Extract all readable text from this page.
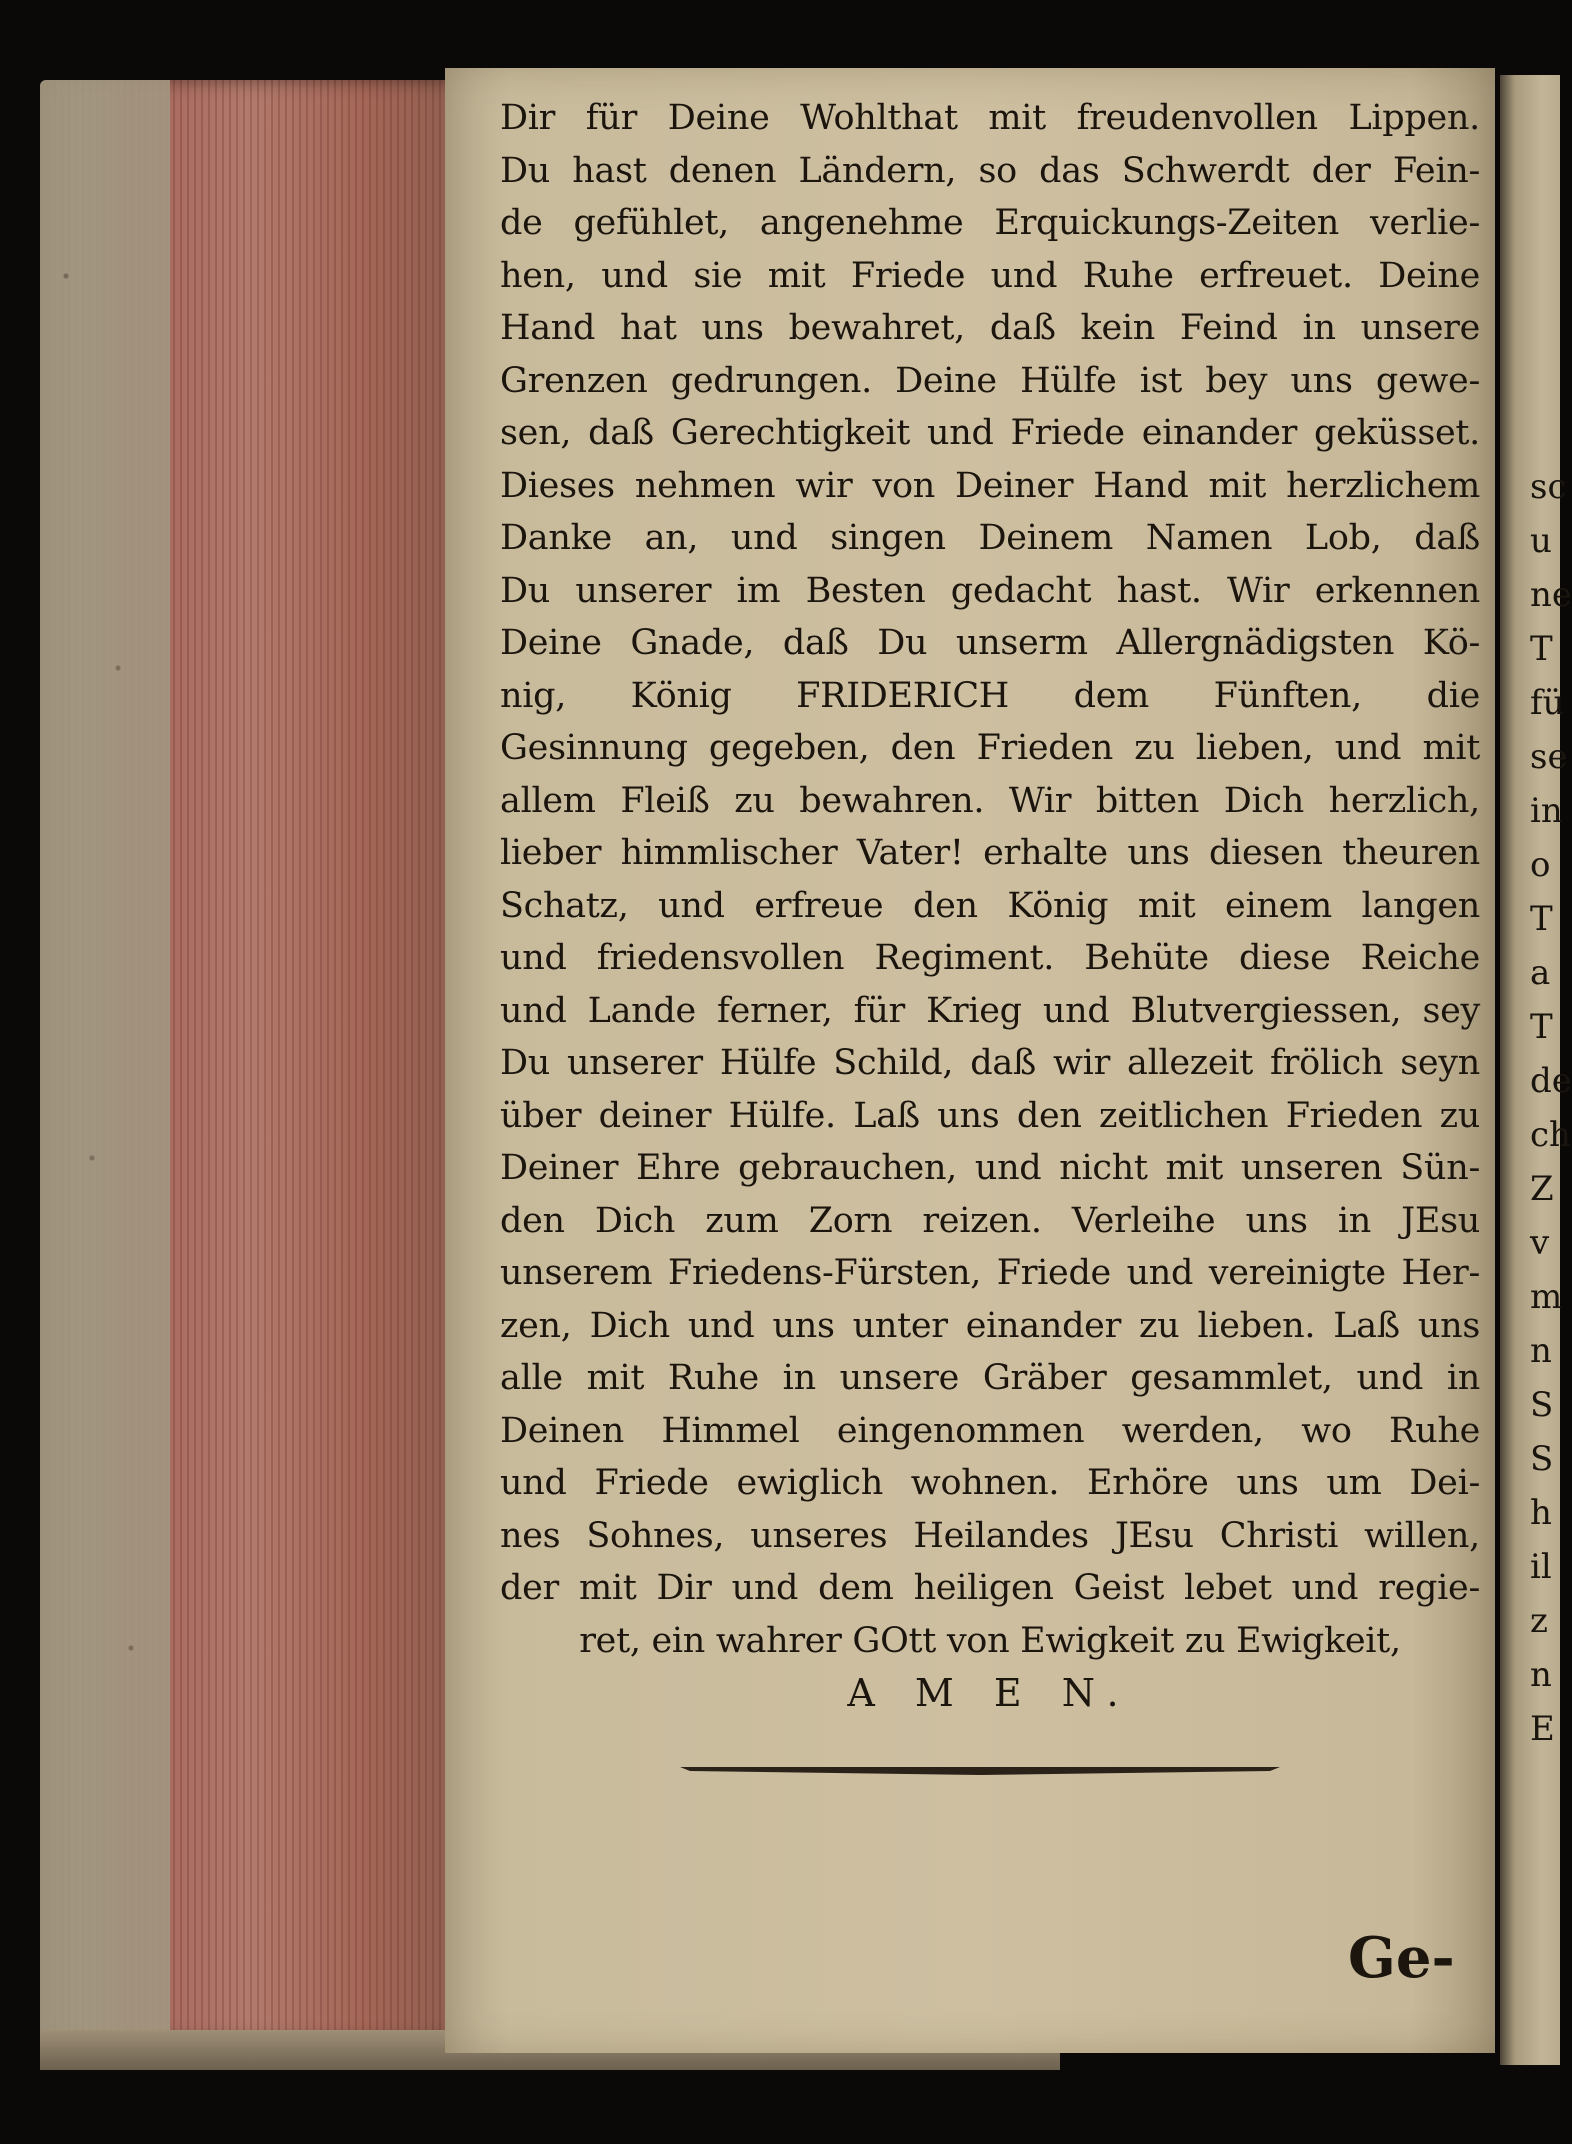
sc
u
ne
T
fü
se
in
o
T
a
T
de
ch
Z
v
m
n
S
S
h
il
z
n
E
Dir für Deine Wohlthat mit freudenvollen Lippen.
Du hast denen Ländern, so das Schwerdt der Fein-
de gefühlet, angenehme Erquickungs-Zeiten verlie-
hen, und sie mit Friede und Ruhe erfreuet. Deine
Hand hat uns bewahret, daß kein Feind in unsere
Grenzen gedrungen. Deine Hülfe ist bey uns gewe-
sen, daß Gerechtigkeit und Friede einander geküsset.
Dieses nehmen wir von Deiner Hand mit herzlichem
Danke an, und singen Deinem Namen Lob, daß
Du unserer im Besten gedacht hast. Wir erkennen
Deine Gnade, daß Du unserm Allergnädigsten Kö-
nig, König FRIDERICH dem Fünften, die
Gesinnung gegeben, den Frieden zu lieben, und mit
allem Fleiß zu bewahren. Wir bitten Dich herzlich,
lieber himmlischer Vater! erhalte uns diesen theuren
Schatz, und erfreue den König mit einem langen
und friedensvollen Regiment. Behüte diese Reiche
und Lande ferner, für Krieg und Blutvergiessen, sey
Du unserer Hülfe Schild, daß wir allezeit frölich seyn
über deiner Hülfe. Laß uns den zeitlichen Frieden zu
Deiner Ehre gebrauchen, und nicht mit unseren Sün-
den Dich zum Zorn reizen. Verleihe uns in JEsu
unserem Friedens-Fürsten, Friede und vereinigte Her-
zen, Dich und uns unter einander zu lieben. Laß uns
alle mit Ruhe in unsere Gräber gesammlet, und in
Deinen Himmel eingenommen werden, wo Ruhe
und Friede ewiglich wohnen. Erhöre uns um Dei-
nes Sohnes, unseres Heilandes JEsu Christi willen,
der mit Dir und dem heiligen Geist lebet und regie-
ret, ein wahrer GOtt von Ewigkeit zu Ewigkeit,
A M E N.
Ge-
